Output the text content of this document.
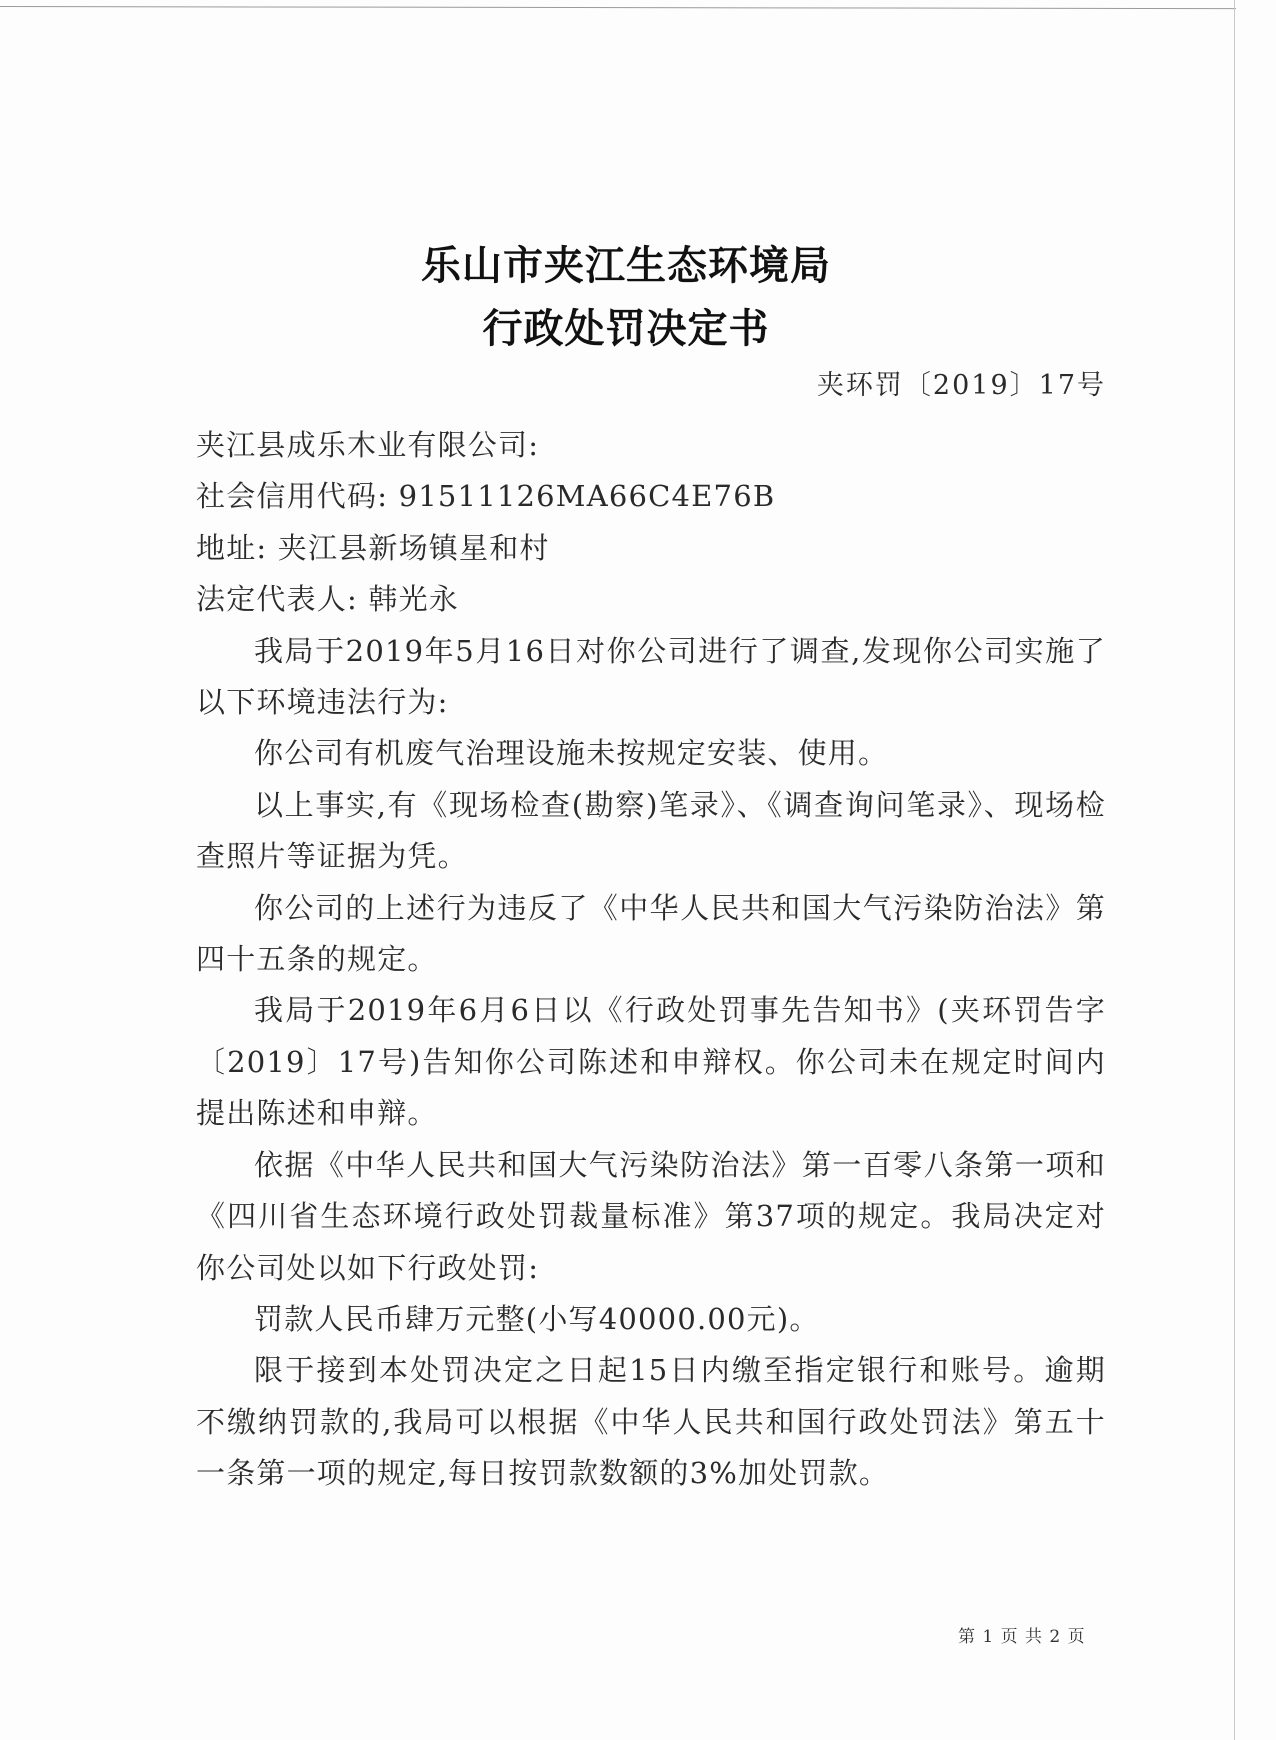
乐山市夹江生态环境局
行政处罚决定书
夹环罚〔2019〕17号

夹江县成乐木业有限公司:

社会信用代码: 91511126MA66C4E76B

地址: 夹江县新场镇星和村

法定代表人: 韩光永

我局于2019年5月16日对你公司进行了调查,发现你公司实施了以下环境违法行为:

你公司有机废气治理设施未按规定安装、使用。

以上事实,有《现场检查(勘察)笔录》、《调查询问笔录》、现场检查照片等证据为凭。

你公司的上述行为违反了《中华人民共和国大气污染防治法》第四十五条的规定。

我局于2019年6月6日以《行政处罚事先告知书》(夹环罚告字〔2019〕17号)告知你公司陈述和申辩权。你公司未在规定时间内提出陈述和申辩。

依据《中华人民共和国大气污染防治法》第一百零八条第一项和《四川省生态环境行政处罚裁量标准》第37项的规定。我局决定对你公司处以如下行政处罚:

罚款人民币肆万元整(小写40000.00元)。

限于接到本处罚决定之日起15日内缴至指定银行和账号。逾期不缴纳罚款的,我局可以根据《中华人民共和国行政处罚法》第五十一条第一项的规定,每日按罚款数额的3%加处罚款。

第 1 页 共 2 页
